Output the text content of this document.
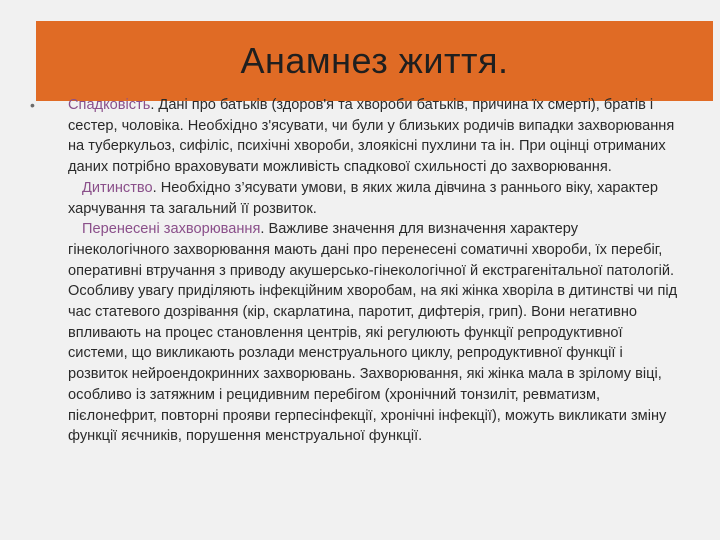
Анамнез життя.
• Спадковість. Дані про батьків (здоров'я та хвороби батьків, причина їх смерті), братів і сестер, чоловіка. Необхідно з'ясувати, чи були у близьких родичів випадки захворювання на туберкульоз, сифіліс, психічні хвороби, злоякісні пухлини та ін. При оцінці отриманих даних потрібно враховувати можливість спадкової схильності до захворювання.

Дитинство. Необхідно з’ясувати умови, в яких жила дівчина з раннього віку, характер харчування та загальний її розвиток.

Перенесені захворювання. Важливе значення для визначення характеру гінекологічного захворювання мають дані про перенесені соматичні хвороби, їх перебіг, оперативні втручання з приводу акушерсько-гінекологічної й екстрагенітальної патологій. Особливу увагу приділяють інфекційним хворобам, на які жінка хворіла в дитинстві чи під час статевого дозрівання (кір, скарлатина, паротит, дифтерія, грип). Вони негативно впливають на процес становлення центрів, які регулюють функції репродуктивної системи, що викликають розлади менструального циклу, репродуктивної функції і розвиток нейроендокринних захворювань. Захворювання, які жінка мала в зрілому віці, особливо із затяжним і рецидивним перебігом (хронічний тонзиліт, ревматизм, пієлонефрит, повторні прояви герпесінфекції, хронічні інфекції), можуть викликати зміну функції яєчників, порушення менструальної функції.
